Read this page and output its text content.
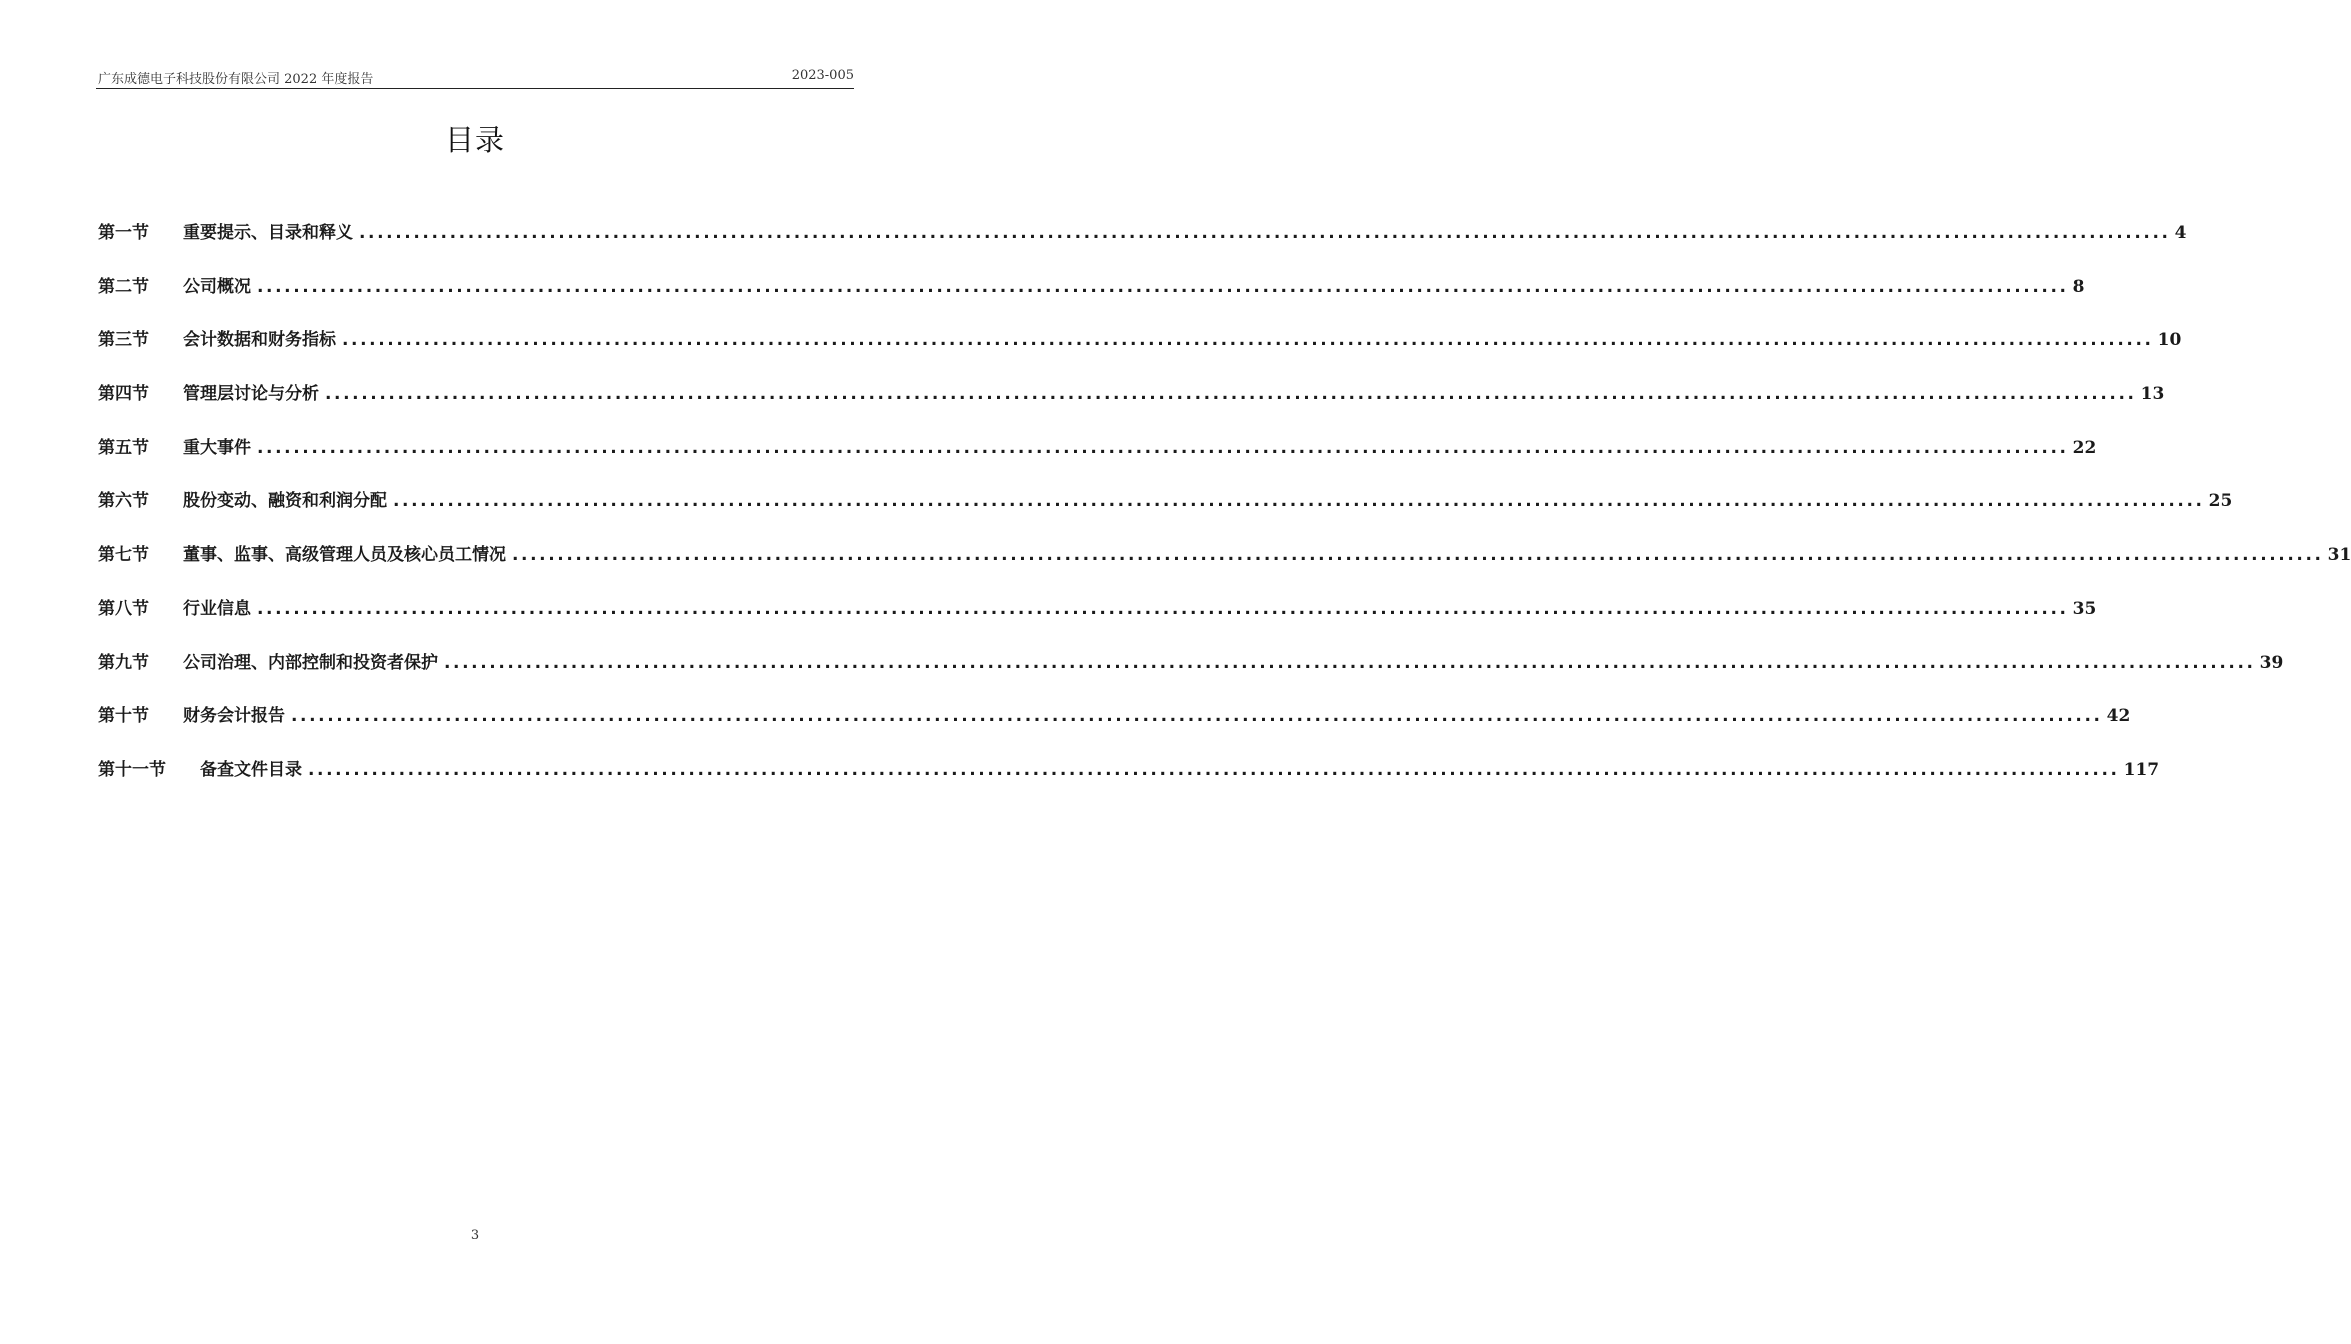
广东成德电子科技股份有限公司 2022 年度报告	2023-005
目录
第一节	重要提示、目录和释义 ........................................................................................................................................................................................................ 4
第二节	公司概况 ........................................................................................................................................................................................................ 8
第三节	会计数据和财务指标 ........................................................................................................................................................................................................ 10
第四节	管理层讨论与分析 ........................................................................................................................................................................................................ 13
第五节	重大事件 ........................................................................................................................................................................................................ 22
第六节	股份变动、融资和利润分配 ........................................................................................................................................................................................................ 25
第七节	董事、监事、高级管理人员及核心员工情况 ........................................................................................................................................................................................................ 31
第八节	行业信息 ........................................................................................................................................................................................................ 35
第九节	公司治理、内部控制和投资者保护 ........................................................................................................................................................................................................ 39
第十节	财务会计报告 ........................................................................................................................................................................................................ 42
第十一节	备查文件目录 ........................................................................................................................................................................................................ 117
3
